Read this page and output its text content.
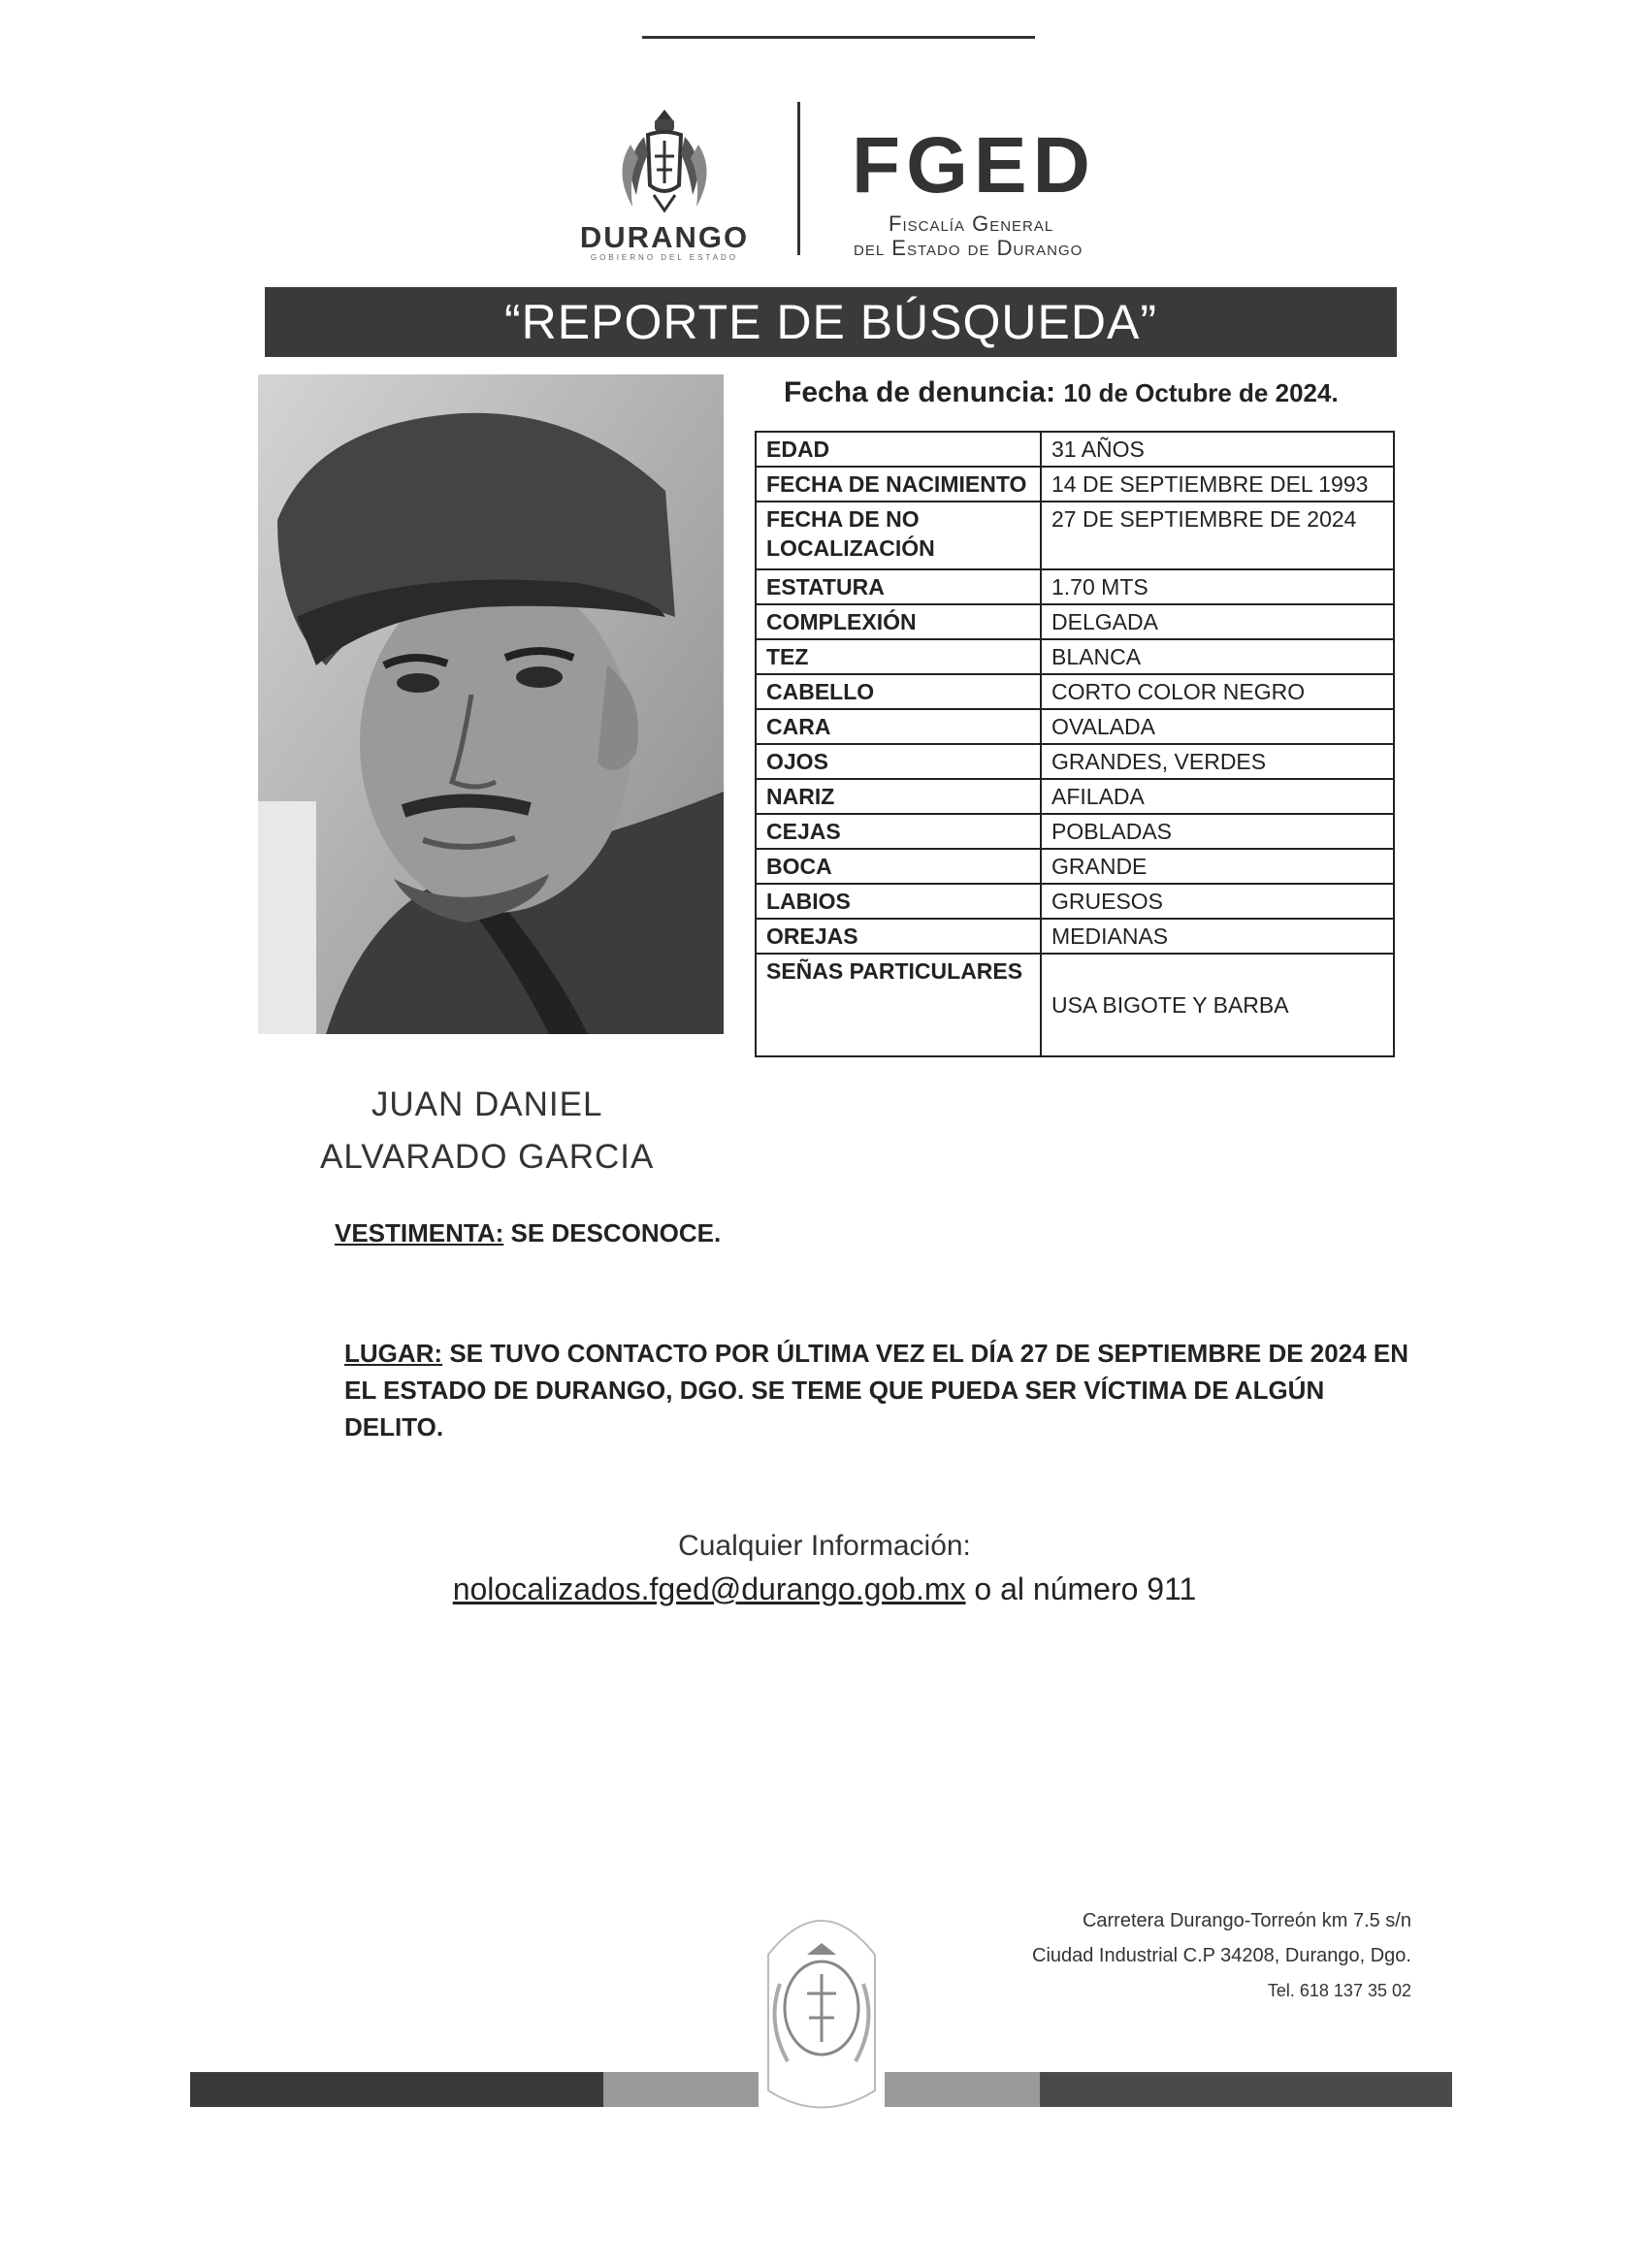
DURANGO
GOBIERNO DEL ESTADO
FGED
Fiscalía General
del Estado de Durango
“REPORTE DE BÚSQUEDA”
Fecha de denuncia: 10 de Octubre de 2024.
EDAD	31 AÑOS
FECHA DE NACIMIENTO	14 DE SEPTIEMBRE DEL 1993
FECHA DE NO LOCALIZACIÓN	27 DE SEPTIEMBRE DE 2024
ESTATURA	1.70 MTS
COMPLEXIÓN	DELGADA
TEZ	BLANCA
CABELLO	CORTO COLOR NEGRO
CARA	OVALADA
OJOS	GRANDES, VERDES
NARIZ	AFILADA
CEJAS	POBLADAS
BOCA	GRANDE
LABIOS	GRUESOS
OREJAS	MEDIANAS
SEÑAS PARTICULARES	USA BIGOTE Y BARBA
JUAN DANIEL
ALVARADO GARCIA
VESTIMENTA: SE DESCONOCE.
LUGAR: SE TUVO CONTACTO POR ÚLTIMA VEZ EL DÍA 27 DE SEPTIEMBRE DE 2024 EN EL ESTADO DE DURANGO, DGO. SE TEME QUE PUEDA SER VÍCTIMA DE ALGÚN DELITO.
Cualquier Información:
nolocalizados.fged@durango.gob.mx o al número 911
Carretera Durango-Torreón km 7.5 s/n
Ciudad Industrial C.P 34208, Durango, Dgo.
Tel. 618 137 35 02
